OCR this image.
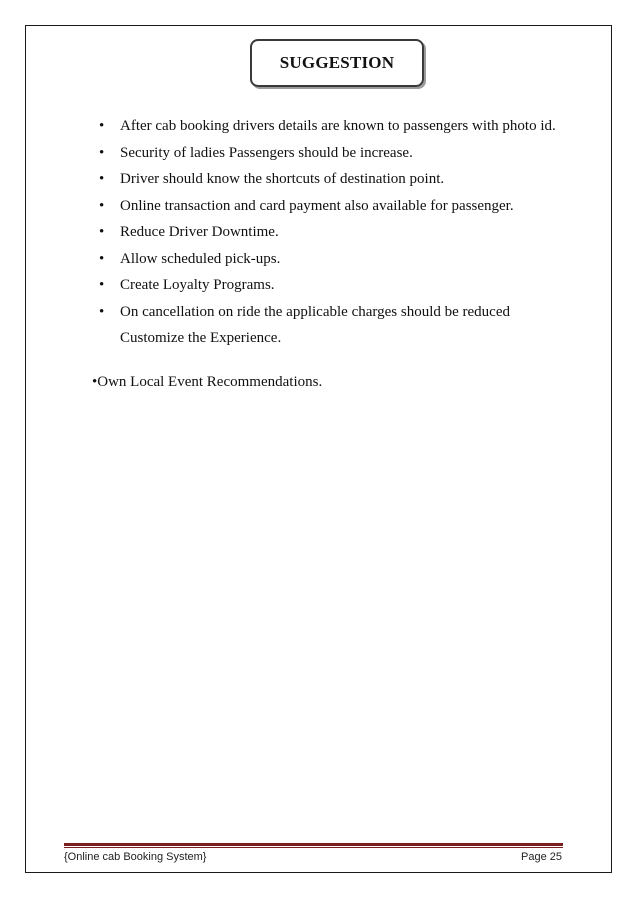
SUGGESTION
• After cab booking drivers details are known to passengers with photo id.
• Security of ladies Passengers should be increase.
• Driver should know the shortcuts of destination point.
• Online transaction and card payment also available for passenger.
• Reduce Driver Downtime.
• Allow scheduled pick-ups.
• Create Loyalty Programs.
• On cancellation on ride the applicable charges should be reduced Customize the Experience.
•Own Local Event Recommendations.
{Online cab Booking System}	Page 25
